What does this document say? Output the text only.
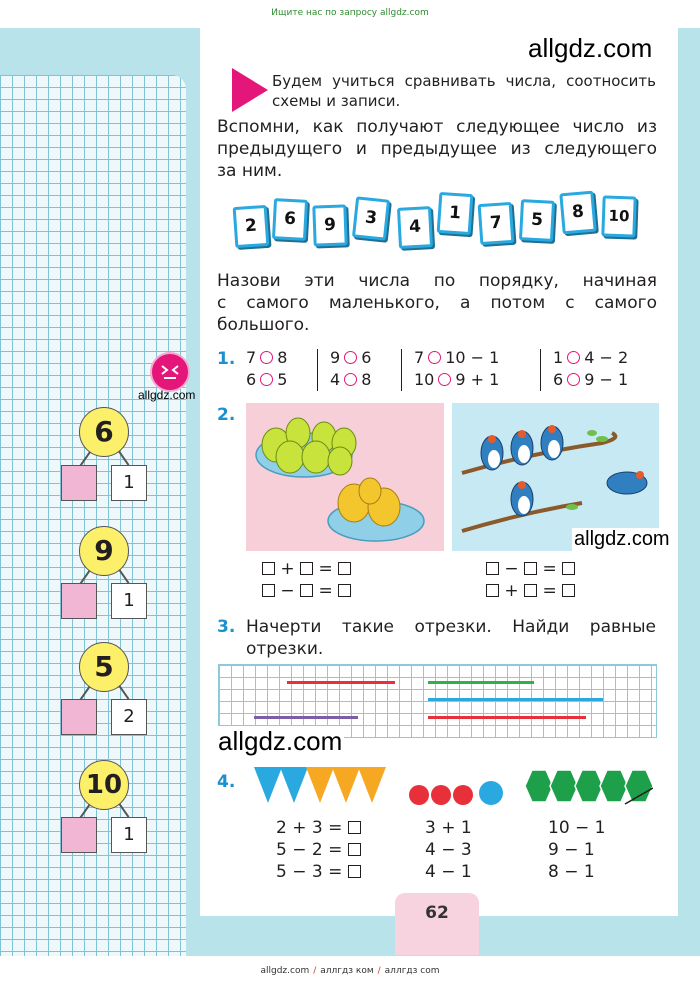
Ищите нас по запросу allgdz.com
allgdz.com
allgdz.com
Будем учиться сравнивать числа, соотносить
схемы и записи.
Вспомни, как получают следующее число из
предыдущего и предыдущее из следующего
за ним.
2	6	9	3	4
1	7	5	8	10
Назови эти числа по порядку, начиная
с самого маленького, а потом с самого
большого.
1. 7 8
6 5
9 6
4 8
7 10 − 1
10 9 + 1
1 4 − 2
6 9 − 1
2.
allgdz.com
+ =
− =
− =
+ =
3. Начерти такие отрезки. Найди равные
отрезки.
allgdz.com
4.
2 + 3 =
5 − 2 =
5 − 3 =
3 + 1
4 − 3
4 − 1
10 − 1
9 − 1
8 − 1
6
1
9
1
5
2
10
1
62
allgdz.com / аллгдз ком / аллгдз com
